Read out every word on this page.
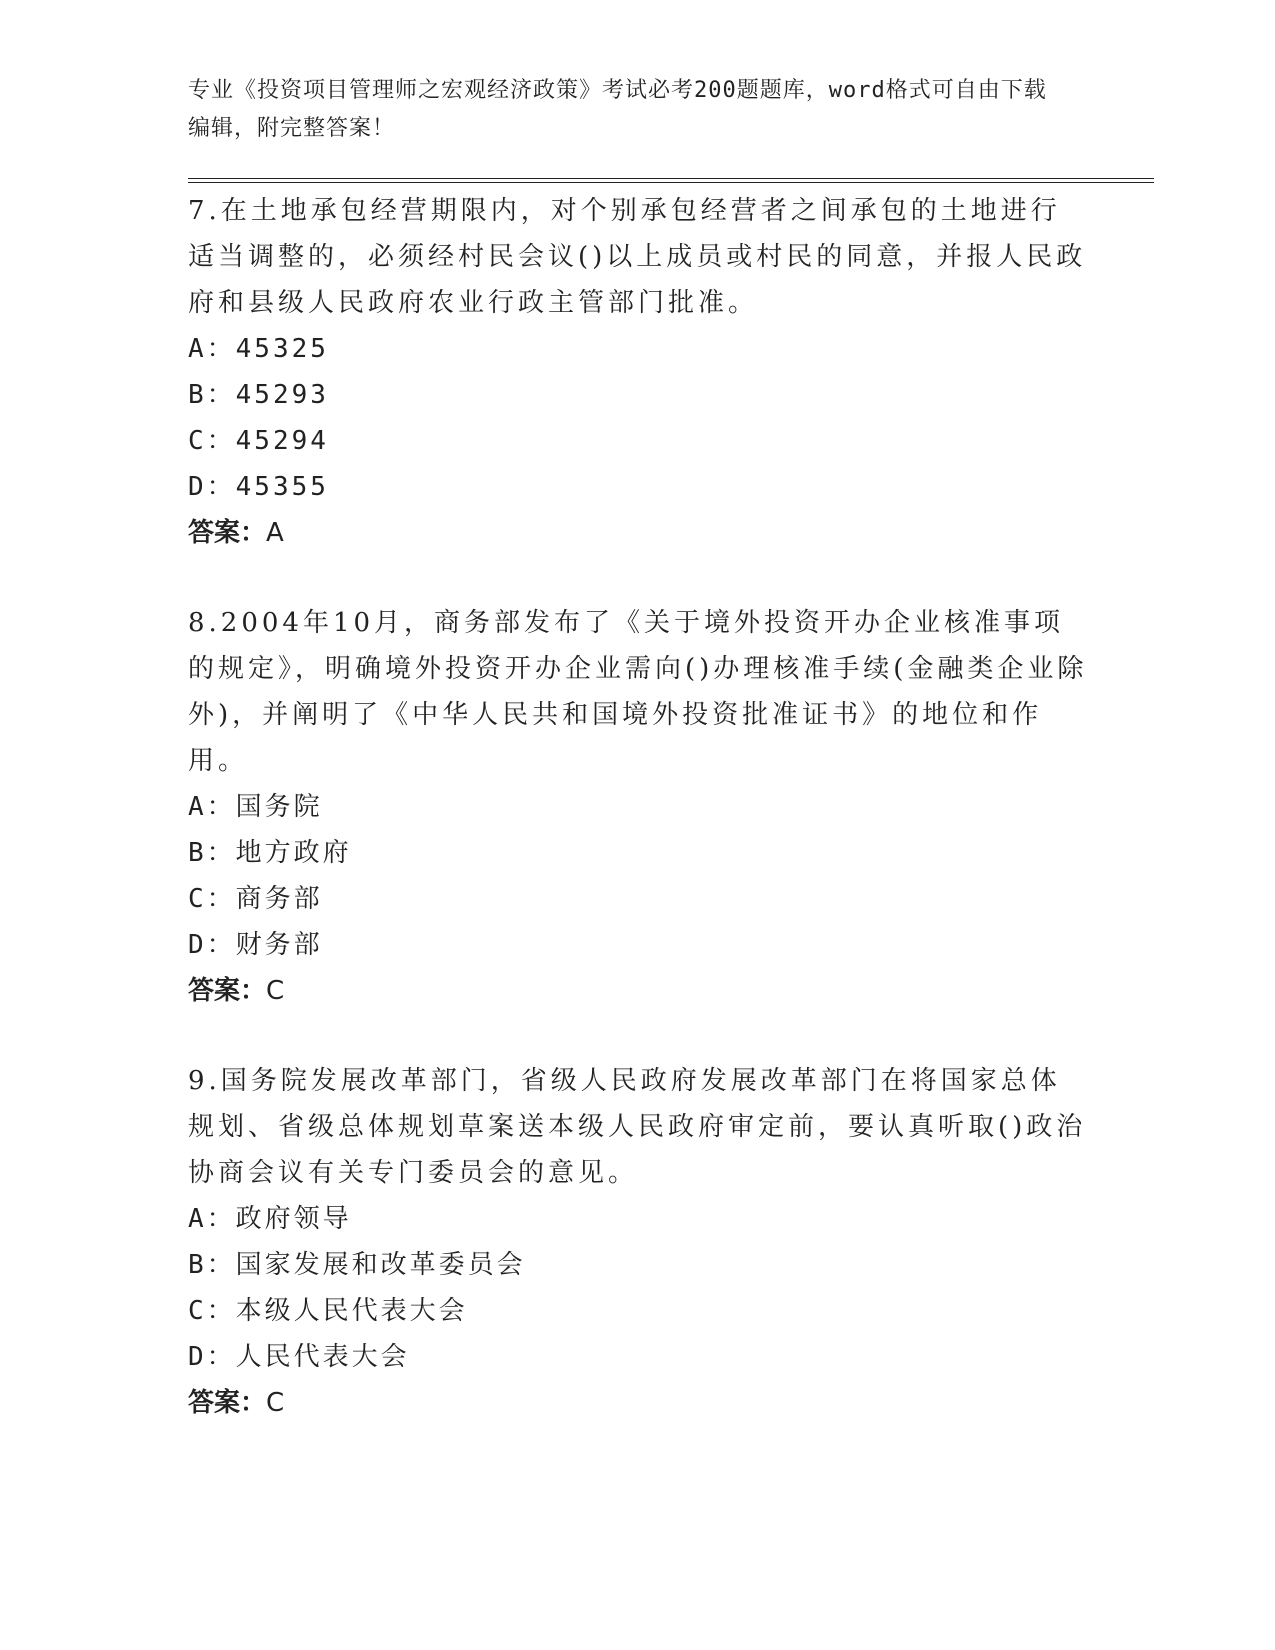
专业《投资项目管理师之宏观经济政策》考试必考200题题库，word格式可自由下载编辑，附完整答案！

7.在土地承包经营期限内，对个别承包经营者之间承包的土地进行适当调整的，必须经村民会议()以上成员或村民的同意，并报人民政府和县级人民政府农业行政主管部门批准。

A：45325

B：45293

C：45294

D：45355

答案：A

8.2004年10月，商务部发布了《关于境外投资开办企业核准事项的规定》，明确境外投资开办企业需向()办理核准手续(金融类企业除外)，并阐明了《中华人民共和国境外投资批准证书》的地位和作用。

A：国务院

B：地方政府

C：商务部

D：财务部

答案：C

9.国务院发展改革部门，省级人民政府发展改革部门在将国家总体规划、省级总体规划草案送本级人民政府审定前，要认真听取()政治协商会议有关专门委员会的意见。

A：政府领导

B：国家发展和改革委员会

C：本级人民代表大会

D：人民代表大会

答案：C
